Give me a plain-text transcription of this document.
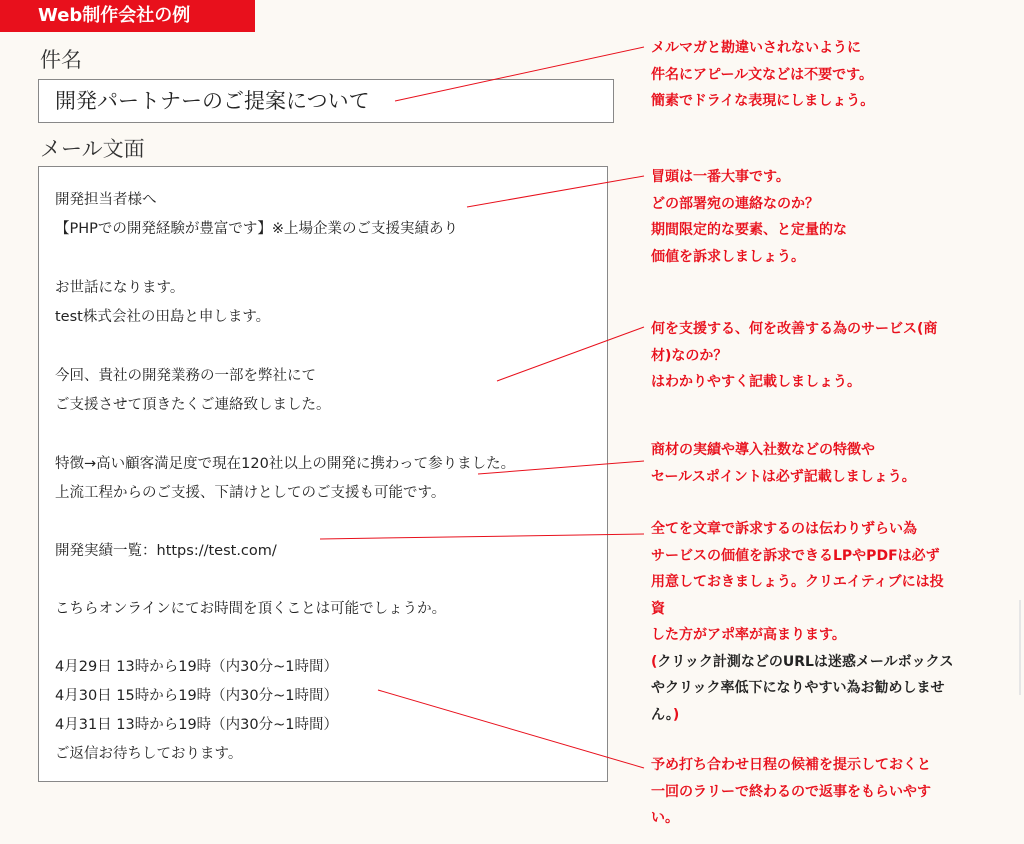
Web制作会社の例
件名
開発パートナーのご提案について
メール文面
開発担当者様へ
【PHPでの開発経験が豊富です】※上場企業のご支援実績あり
お世話になります。
test株式会社の田島と申します。
今回、貴社の開発業務の一部を弊社にて
ご支援させて頂きたくご連絡致しました。
特徴→高い顧客満足度で現在120社以上の開発に携わって参りました。
上流工程からのご支援、下請けとしてのご支援も可能です。
開発実績一覧：https://test.com/
こちらオンラインにてお時間を頂くことは可能でしょうか。
4月29日 13時から19時（内30分~1時間）
4月30日 15時から19時（内30分~1時間）
4月31日 13時から19時（内30分~1時間）
ご返信お待ちしております。
メルマガと勘違いされないように
件名にアピール文などは不要です。
簡素でドライな表現にしましょう。
冒頭は一番大事です。
どの部署宛の連絡なのか？
期間限定的な要素、と定量的な
価値を訴求しましょう。
何を支援する、何を改善する為のサービス(商
材)なのか？
はわかりやすく記載しましょう。
商材の実績や導入社数などの特徴や
セールスポイントは必ず記載しましょう。
全てを文章で訴求するのは伝わりずらい為
サービスの価値を訴求できるLPやPDFは必ず
用意しておきましょう。クリエイティブには投
資
した方がアポ率が高まります。
(クリック計測などのURLは迷惑メールボックス
やクリック率低下になりやすい為お勧めしませ
ん。)
予め打ち合わせ日程の候補を提示しておくと
一回のラリーで終わるので返事をもらいやす
い。
